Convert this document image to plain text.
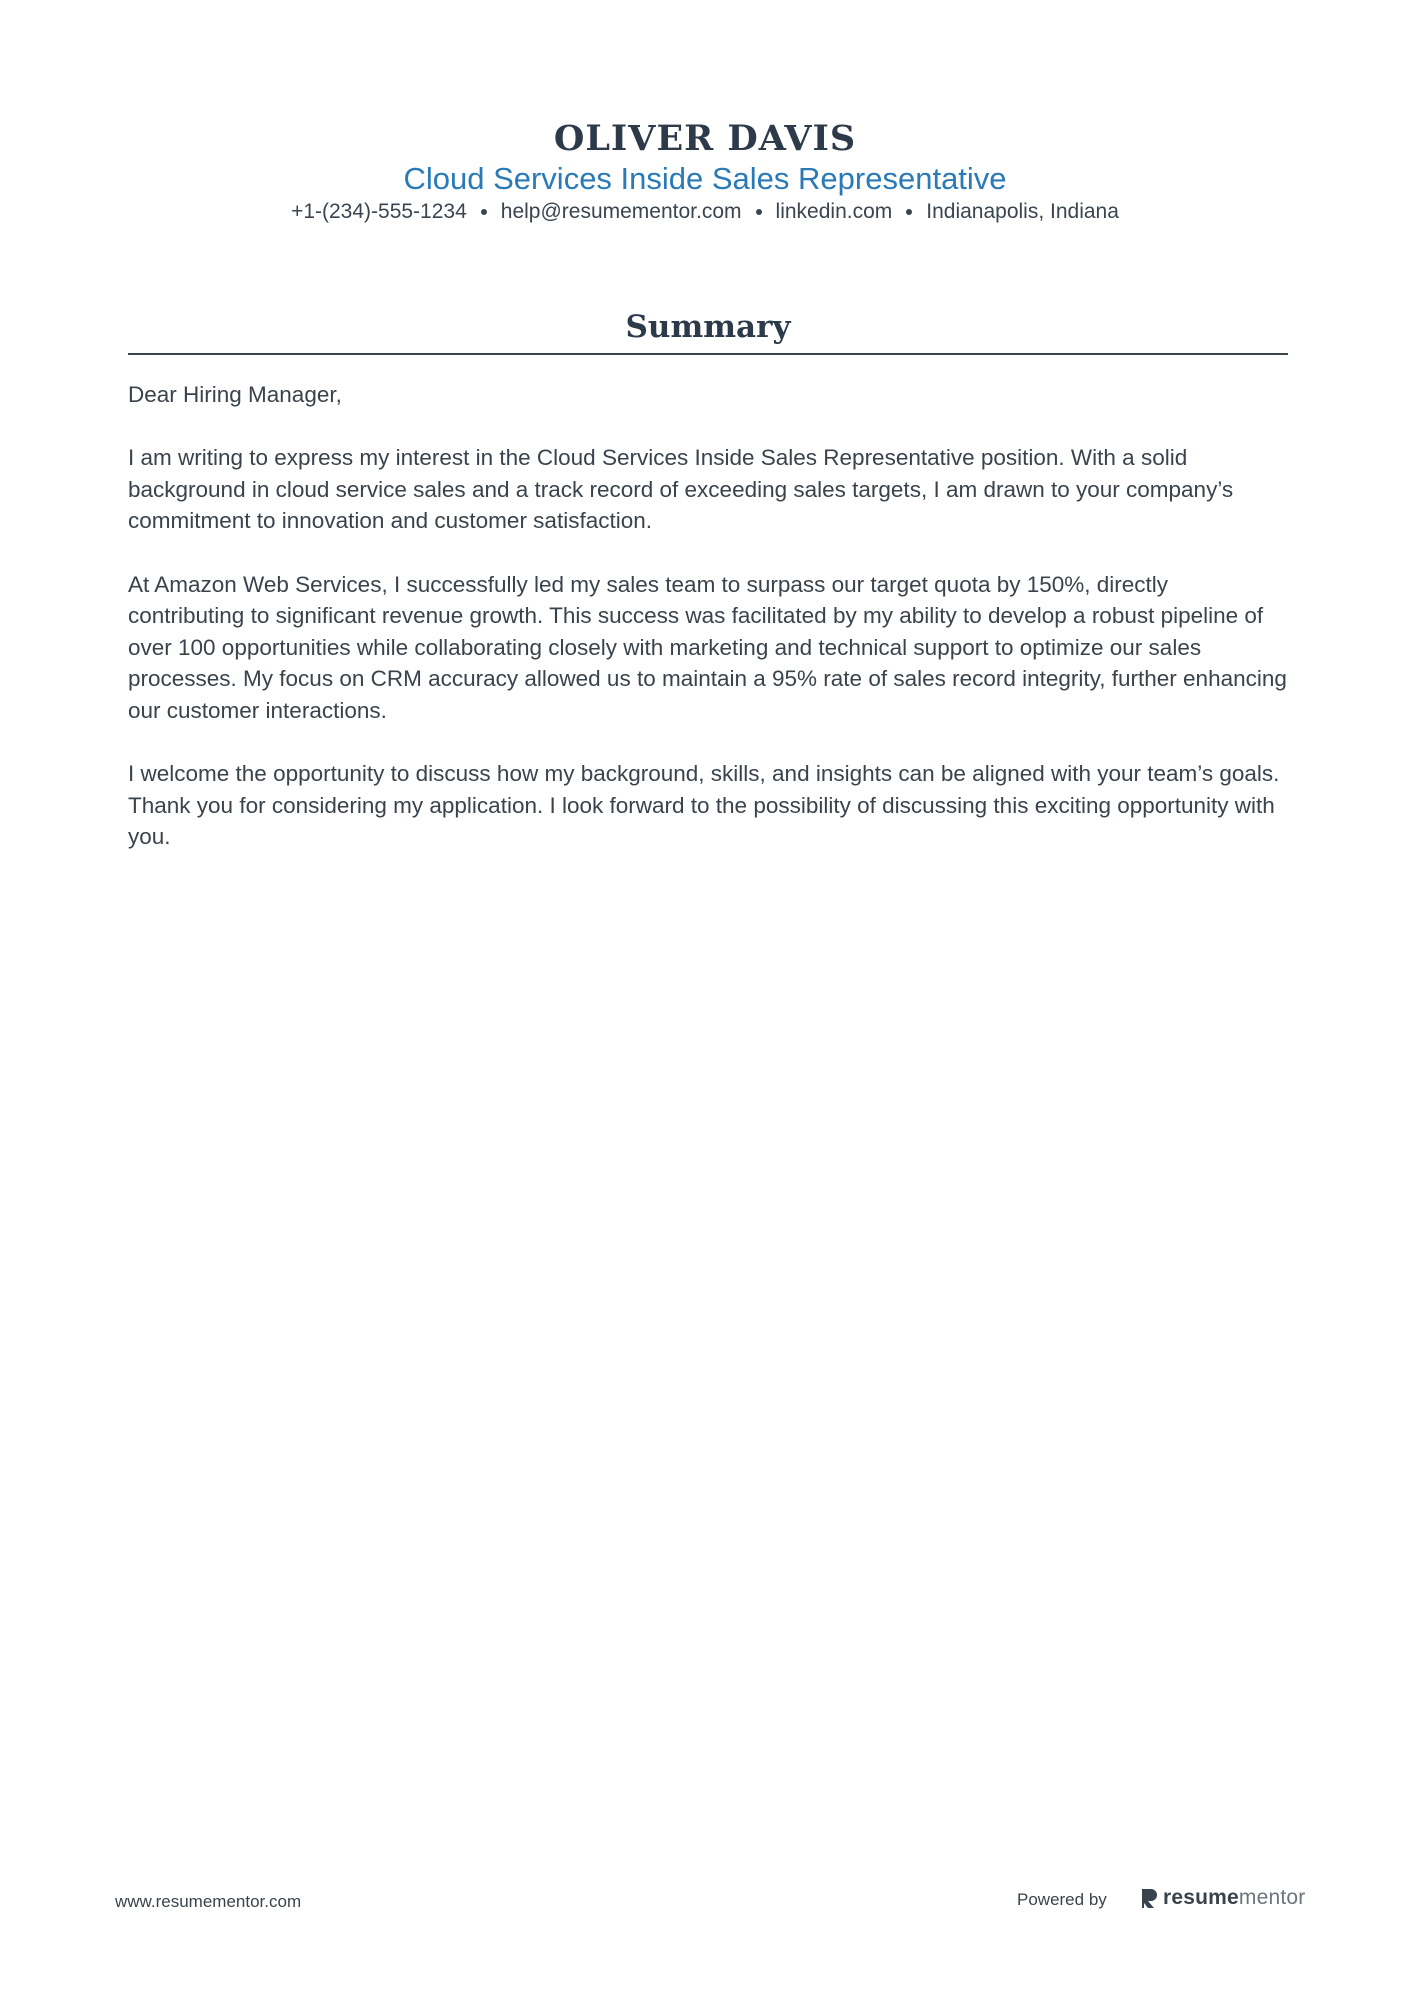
OLIVER DAVIS
Cloud Services Inside Sales Representative
+1-(234)-555-1234 help@resumementor.com linkedin.com Indianapolis, Indiana
Summary

Dear Hiring Manager,

I am writing to express my interest in the Cloud Services Inside Sales Representative position. With a solid background in cloud service sales and a track record of exceeding sales targets, I am drawn to your company’s commitment to innovation and customer satisfaction.

At Amazon Web Services, I successfully led my sales team to surpass our target quota by 150%, directly contributing to significant revenue growth. This success was facilitated by my ability to develop a robust pipeline of over 100 opportunities while collaborating closely with marketing and technical support to optimize our sales processes. My focus on CRM accuracy allowed us to maintain a 95% rate of sales record integrity, further enhancing our customer interactions.

I welcome the opportunity to discuss how my background, skills, and insights can be aligned with your team’s goals. Thank you for considering my application. I look forward to the possibility of discussing this exciting opportunity with you.

www.resumementor.com	Powered by	resumementor
